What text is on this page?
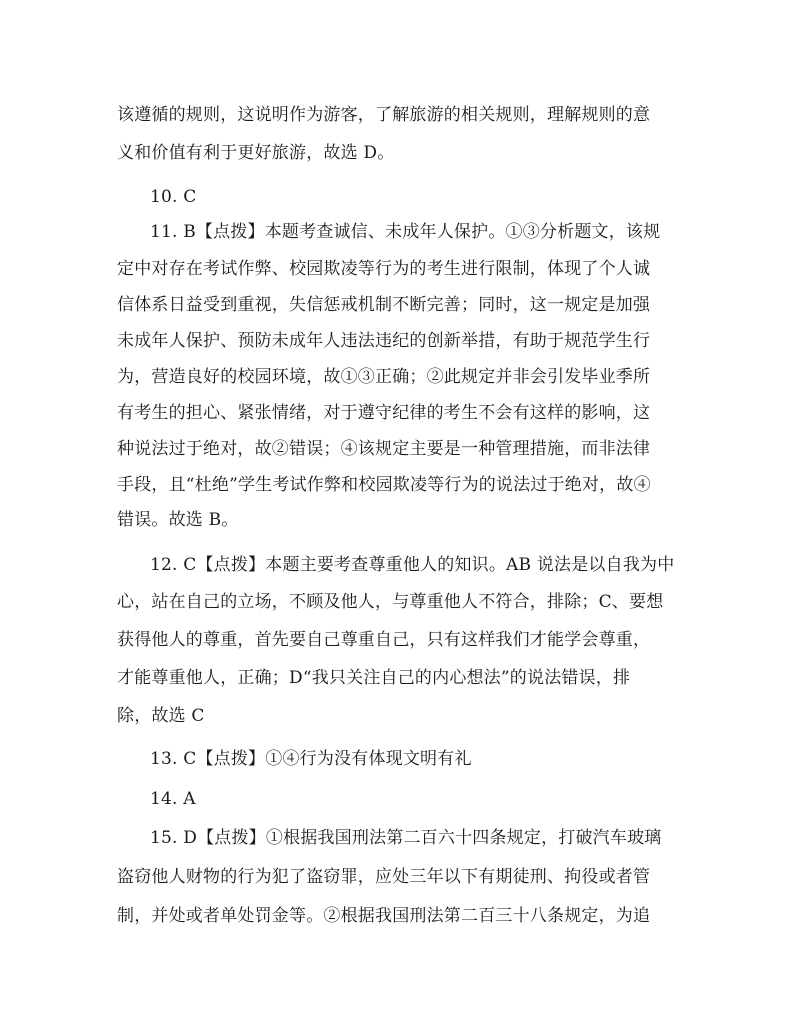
该遵循的规则，这说明作为游客，了解旅游的相关规则，理解规则的意
义和价值有利于更好旅游，故选 D。
10. C
11. B【点拨】本题考查诚信、未成年人保护。①③分析题文，该规
定中对存在考试作弊、校园欺凌等行为的考生进行限制，体现了个人诚
信体系日益受到重视，失信惩戒机制不断完善；同时，这一规定是加强
未成年人保护、预防未成年人违法违纪的创新举措，有助于规范学生行
为，营造良好的校园环境，故①③正确；②此规定并非会引发毕业季所
有考生的担心、紧张情绪，对于遵守纪律的考生不会有这样的影响，这
种说法过于绝对，故②错误；④该规定主要是一种管理措施，而非法律
手段，且“杜绝”学生考试作弊和校园欺凌等行为的说法过于绝对，故④
错误。故选 B。
12. C【点拨】本题主要考查尊重他人的知识。AB 说法是以自我为中
心，站在自己的立场，不顾及他人，与尊重他人不符合，排除；C、要想
获得他人的尊重，首先要自己尊重自己，只有这样我们才能学会尊重，
才能尊重他人，正确；D“我只关注自己的内心想法”的说法错误，排
除，故选 C
13. C【点拨】①④行为没有体现文明有礼
14. A
15. D【点拨】①根据我国刑法第二百六十四条规定，打破汽车玻璃
盗窃他人财物的行为犯了盗窃罪，应处三年以下有期徒刑、拘役或者管
制，并处或者单处罚金等。②根据我国刑法第二百三十八条规定，为追
